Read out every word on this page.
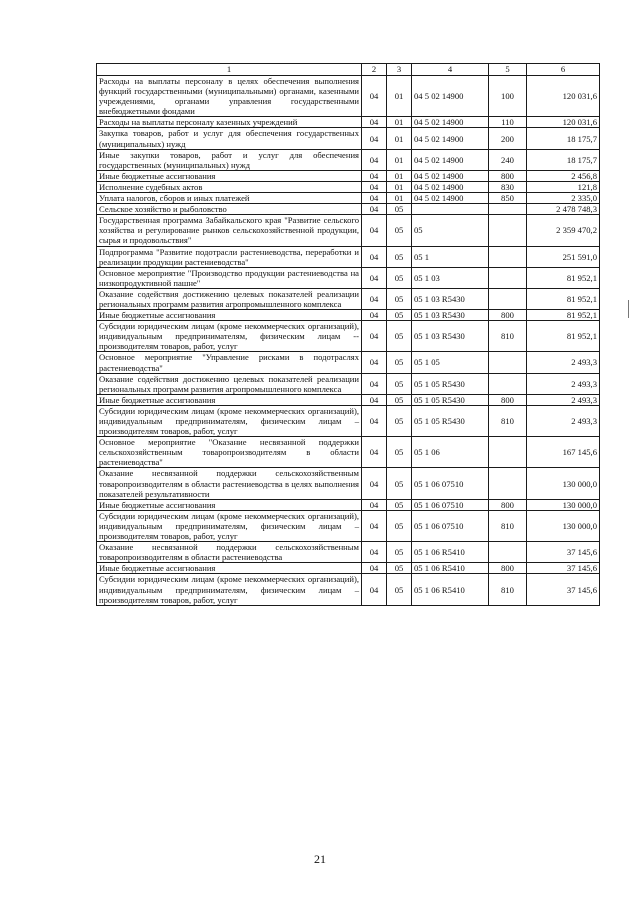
1	2	3	4	5	6
Расходы на выплаты персоналу в целях обеспечения выполнения функций государственными (муниципальными) органами, казенными учреждениями, органами управления государственными внебюджетными фондами	04	01	04 5 02 14900	100	120 031,6
Расходы на выплаты персоналу казенных учреждений	04	01	04 5 02 14900	110	120 031,6
Закупка товаров, работ и услуг для обеспечения государственных (муниципальных) нужд	04	01	04 5 02 14900	200	18 175,7
Иные закупки товаров, работ и услуг для обеспечения государственных (муниципальных) нужд	04	01	04 5 02 14900	240	18 175,7
Иные бюджетные ассигнования	04	01	04 5 02 14900	800	2 456,8
Исполнение судебных актов	04	01	04 5 02 14900	830	121,8
Уплата налогов, сборов и иных платежей	04	01	04 5 02 14900	850	2 335,0
Сельское хозяйство и рыболовство	04	05			2 478 748,3
Государственная программа Забайкальского края "Развитие сельского хозяйства и регулирование рынков сельскохозяйственной продукции, сырья и продовольствия"	04	05	05		2 359 470,2
Подпрограмма "Развитие подотрасли растениеводства, переработки и реализации продукции растениеводства"	04	05	05 1		251 591,0
Основное мероприятие "Производство продукции растениеводства на низкопродуктивной пашне"	04	05	05 1 03		81 952,1
Оказание содействия достижению целевых показателей реализации региональных программ развития агропромышленного комплекса	04	05	05 1 03 R5430		81 952,1
Иные бюджетные ассигнования	04	05	05 1 03 R5430	800	81 952,1
Субсидии юридическим лицам (кроме некоммерческих организаций), индивидуальным предпринимателям, физическим лицам -- производителям товаров, работ, услуг	04	05	05 1 03 R5430	810	81 952,1
Основное мероприятие "Управление рисками в подотраслях растениеводства"	04	05	05 1 05		2 493,3
Оказание содействия достижению целевых показателей реализации региональных программ развития агропромышленного комплекса	04	05	05 1 05 R5430		2 493,3
Иные бюджетные ассигнования	04	05	05 1 05 R5430	800	2 493,3
Субсидии юридическим лицам (кроме некоммерческих организаций), индивидуальным предпринимателям, физическим лицам – производителям товаров, работ, услуг	04	05	05 1 05 R5430	810	2 493,3
Основное мероприятие "Оказание несвязанной поддержки сельскохозяйственным товаропроизводителям в области растениеводства"	04	05	05 1 06		167 145,6
Оказание несвязанной поддержки сельскохозяйственным товаропроизводителям в области растениеводства в целях выполнения показателей результативности	04	05	05 1 06 07510		130 000,0
Иные бюджетные ассигнования	04	05	05 1 06 07510	800	130 000,0
Субсидии юридическим лицам (кроме некоммерческих организаций), индивидуальным предпринимателям, физическим лицам – производителям товаров, работ, услуг	04	05	05 1 06 07510	810	130 000,0
Оказание несвязанной поддержки сельскохозяйственным товаропроизводителям в области растениеводства	04	05	05 1 06 R5410		37 145,6
Иные бюджетные ассигнования	04	05	05 1 06 R5410	800	37 145,6
Субсидии юридическим лицам (кроме некоммерческих организаций), индивидуальным предпринимателям, физическим лицам – производителям товаров, работ, услуг	04	05	05 1 06 R5410	810	37 145,6
21
